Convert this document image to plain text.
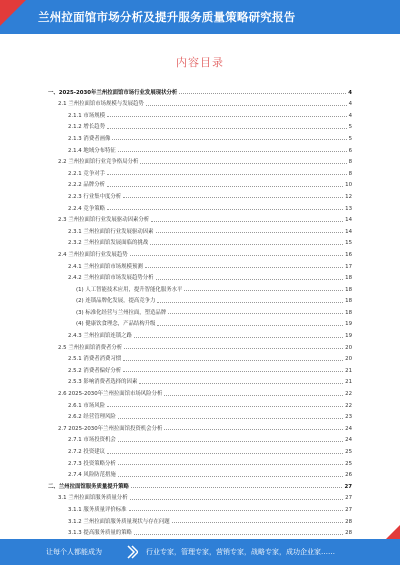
兰州拉面馆市场分析及提升服务质量策略研究报告
内容目录
一、2025-2030年兰州拉面馆市场行业发展现状分析	4
2.1 兰州拉面馆市场规模与发展趋势	4
2.1.1 市场规模	4
2.1.2 增长趋势	5
2.1.3 消费者画像	5
2.1.4 地域分布特征	6
2.2 兰州拉面馆行业竞争格局分析	8
2.2.1 竞争对手	8
2.2.2 品牌分析	10
2.2.3 行业集中度分析	12
2.2.4 竞争策略	13
2.3 兰州拉面馆行业发展驱动因素分析	14
2.3.1 兰州拉面馆行业发展驱动因素	14
2.3.2 兰州拉面馆发展面临的挑战	15
2.4 兰州拉面馆行业发展趋势	16
2.4.1 兰州拉面馆市场规模预测	17
2.4.2 兰州拉面馆市场发展趋势分析	18
(1) 人工智能技术应用，提升智能化服务水平	18
(2) 连锁品牌化发展，提高竞争力	18
(3) 标准化经营与兰州拉面，塑造品牌	18
(4) 健康饮食理念，产品结构升级	19
2.4.3 兰州拉面馆连锁之路	19
2.5 兰州拉面馆消费者分析	20
2.5.1 消费者消费习惯	20
2.5.2 消费者偏好分析	21
2.5.3 影响消费者选择的因素	21
2.6 2025-2030年兰州拉面馆市场风险分析	22
2.6.1 市场风险	22
2.6.2 经营管理风险	23
2.7 2025-2030年兰州拉面馆投资机会分析	24
2.7.1 市场投资机会	24
2.7.2 投资建议	25
2.7.3 投资策略分析	25
2.7.4 风险防范措施	26
二、兰州拉面馆服务质量提升策略	27
3.1 兰州拉面馆服务质量分析	27
3.1.1 服务质量评价标准	27
3.1.2 兰州拉面馆服务质量现状与存在问题	28
3.1.3 提高服务质量的策略	28
让每个人都能成为	行业专家，管理专家，营销专家，战略专家，成功企业家……
